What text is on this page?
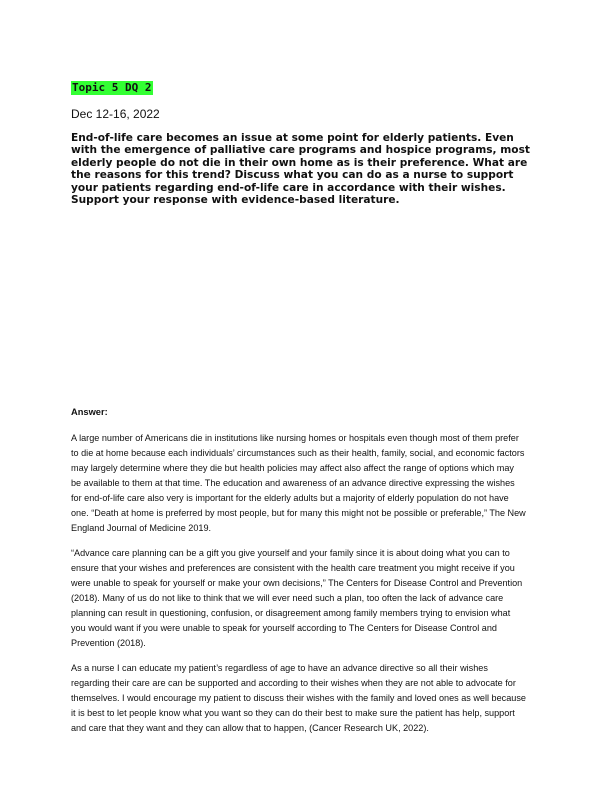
Topic 5 DQ 2
Dec 12-16, 2022
End-of-life care becomes an issue at some point for elderly patients. Even with the emergence of palliative care programs and hospice programs, most elderly people do not die in their own home as is their preference. What are the reasons for this trend? Discuss what you can do as a nurse to support your patients regarding end-of-life care in accordance with their wishes. Support your response with evidence-based literature.
Answer:

A large number of Americans die in institutions like nursing homes or hospitals even though most of them prefer to die at home because each individuals’ circumstances such as their health, family, social, and economic factors may largely determine where they die but health policies may affect also affect the range of options which may be available to them at that time. The education and awareness of an advance directive expressing the wishes for end-of-life care also very is important for the elderly adults but a majority of elderly population do not have one. “Death at home is preferred by most people, but for many this might not be possible or preferable,” The New England Journal of Medicine 2019.

“Advance care planning can be a gift you give yourself and your family since it is about doing what you can to ensure that your wishes and preferences are consistent with the health care treatment you might receive if you were unable to speak for yourself or make your own decisions,” The Centers for Disease Control and Prevention (2018). Many of us do not like to think that we will ever need such a plan, too often the lack of advance care planning can result in questioning, confusion, or disagreement among family members trying to envision what you would want if you were unable to speak for yourself according to The Centers for Disease Control and Prevention (2018).

As a nurse I can educate my patient’s regardless of age to have an advance directive so all their wishes regarding their care are can be supported and according to their wishes when they are not able to advocate for themselves. I would encourage my patient to discuss their wishes with the family and loved ones as well because it is best to let people know what you want so they can do their best to make sure the patient has help, support and care that they want and they can allow that to happen, (Cancer Research UK, 2022).
